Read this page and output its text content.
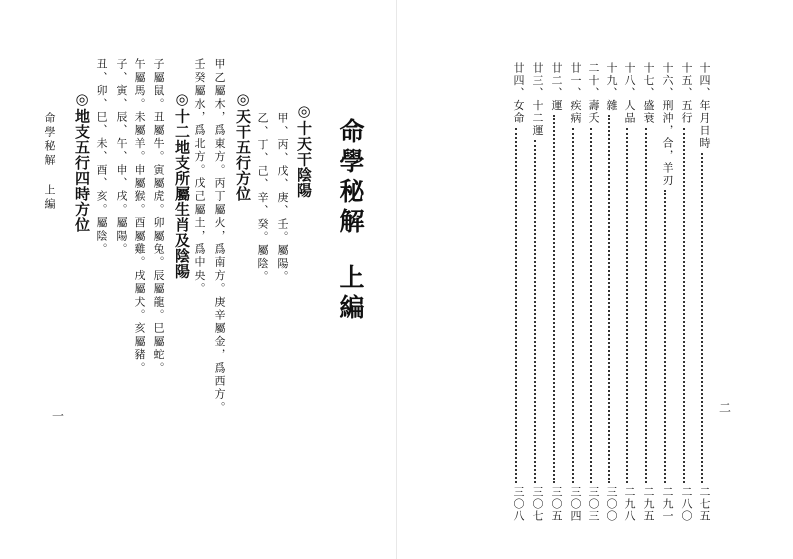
命學秘解上編
一
命學秘解上編
◎十天干陰陽
甲、丙、戊、庚、壬。屬陽。
乙、丁、己、辛、癸。屬陰。
◎天干五行方位
甲乙屬木，爲東方。丙丁屬火，爲南方。庚辛屬金，爲西方。
壬癸屬水，爲北方。戊己屬土，爲中央。
◎十二地支所屬生肖及陰陽
子屬鼠。丑屬牛。寅屬虎。卯屬兔。辰屬龍。巳屬蛇。
午屬馬。未屬羊。申屬猴。酉屬雞。戌屬犬。亥屬豬。
子、寅、辰、午、申、戌。屬陽。
丑、卯、巳、未、酉、亥。屬陰。
◎地支五行四時方位	十四、年月日時
二七五
十五、五行
二八〇
十六、刑沖，合，羊刃
二九一
十七、盛衰
二九五
十八、人品
二九八
十九、雜
三〇〇
二十、壽夭
三〇三
廿一、疾病
三〇四
廿二、運
三〇五
廿三、十二運
三〇七
廿四、女命
三〇八
二
